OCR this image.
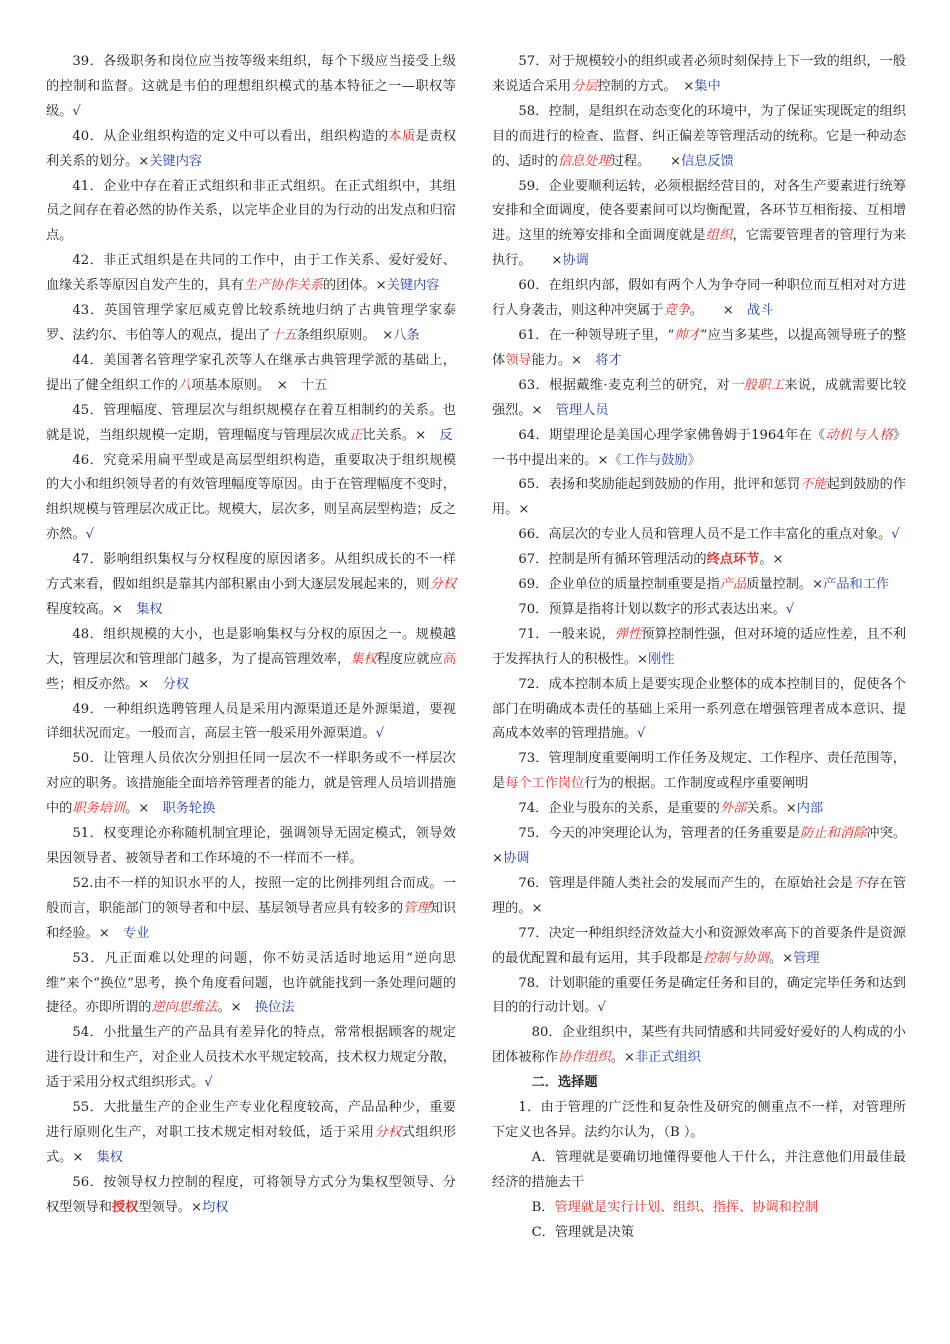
39．各级职务和岗位应当按等级来组织，每个下级应当接受上级的控制和监督。这就是韦伯的理想组织模式的基本特征之一—职权等级。√

40．从企业组织构造的定义中可以看出，组织构造的本质是责权利关系的划分。×关键内容

41．企业中存在着正式组织和非正式组织。在正式组织中，其组员之间存在着必然的协作关系，以完毕企业目的为行动的出发点和归宿点。

42．非正式组织是在共同的工作中，由于工作关系、爱好爱好、血缘关系等原因自发产生的，具有生产协作关系的团体。×关键内容

43．英国管理学家厄威克曾比较系统地归纳了古典管理学家泰罗、法约尔、韦伯等人的观点，提出了十五条组织原则。　×八条

44．美国著名管理学家孔茨等人在继承古典管理学派的基础上，提出了健全组织工作的八项基本原则。　×　十五

45．管理幅度、管理层次与组织规模存在着互相制约的关系。也就是说，当组织规模一定期，管理幅度与管理层次成正比关系。×　反

46．究竟采用扁平型或是高层型组织构造，重要取决于组织规模的大小和组织领导者的有效管理幅度等原因。由于在管理幅度不变时，组织规模与管理层次成正比。规模大，层次多，则呈高层型构造；反之亦然。√

47．影响组织集权与分权程度的原因诸多。从组织成长的不一样方式来看，假如组织是靠其内部积累由小到大逐层发展起来的，则分权程度较高。×　集权

48．组织规模的大小，也是影响集权与分权的原因之一。规模越大，管理层次和管理部门越多，为了提高管理效率，集权程度应就应高些；相反亦然。×　分权

49．一种组织选聘管理人员是采用内源渠道还是外源渠道，要视详细状况而定。一般而言，高层主管一般采用外源渠道。√

50．让管理人员依次分别担任同一层次不一样职务或不一样层次对应的职务。该措施能全面培养管理者的能力，就是管理人员培训措施中的职务培训。×　职务轮换

51．权变理论亦称随机制宜理论，强调领导无固定模式，领导效果因领导者、被领导者和工作环境的不一样而不一样。

52.由不一样的知识水平的人，按照一定的比例排列组合而成。一般而言，职能部门的领导者和中层、基层领导者应具有较多的管理知识和经验。×　专业

53．凡正面难以处理的问题，你不妨灵活适时地运用“逆向思维”来个“换位”思考，换个角度看问题，也许就能找到一条处理问题的捷径。亦即所谓的逆向思维法。×　换位法

54．小批量生产的产品具有差异化的特点，常常根据顾客的规定进行设计和生产，对企业人员技术水平规定较高，技术权力规定分散，适于采用分权式组织形式。√

55．大批量生产的企业生产专业化程度较高，产品品种少，重要进行原则化生产，对职工技术规定相对较低，适于采用分权式组织形式。×　集权

56．按领导权力控制的程度，可将领导方式分为集权型领导、分权型领导和授权型领导。×均权

57．对于规模较小的组织或者必须时刻保持上下一致的组织，一般来说适合采用分层控制的方式。　×集中

58．控制，是组织在动态变化的环境中，为了保证实现既定的组织目的而进行的检查、监督、纠正偏差等管理活动的统称。它是一种动态的、适时的信息处理过程。　　×信息反馈

59．企业要顺利运转，必须根据经营目的，对各生产要素进行统筹安排和全面调度，使各要素间可以均衡配置，各环节互相衔接、互相增进。这里的统筹安排和全面调度就是组织，它需要管理者的管理行为来执行。　　×协调

60．在组织内部，假如有两个人为争夺同一种职位而互相对对方进行人身袭击，则这种冲突属于竞争。　　×　战斗

61．在一种领导班子里，“帅才”应当多某些，以提高领导班子的整体领导能力。×　将才

63．根据戴维·麦克利兰的研究，对一般职工来说，成就需要比较强烈。×　管理人员

64．期望理论是美国心理学家佛鲁姆于1964年在《动机与人格》一书中提出来的。×《工作与鼓励》

65．表扬和奖励能起到鼓励的作用，批评和惩罚不能起到鼓励的作用。×

66．高层次的专业人员和管理人员不是工作丰富化的重点对象。√

67．控制是所有循环管理活动的终点环节。×

69．企业单位的质量控制重要是指产品质量控制。×产品和工作

70．预算是指将计划以数字的形式表达出来。√

71．一般来说，弹性预算控制性强，但对环境的适应性差，且不利于发挥执行人的积极性。×刚性

72．成本控制本质上是要实现企业整体的成本控制目的，促使各个部门在明确成本责任的基础上采用一系列意在增强管理者成本意识、提高成本效率的管理措施。√

73．管理制度重要阐明工作任务及规定、工作程序、责任范围等，是每个工作岗位行为的根据。工作制度或程序重要阐明

74．企业与股东的关系，是重要的外部关系。×内部

75．今天的冲突理论认为，管理者的任务重要是防止和消除冲突。×协调

76．管理是伴随人类社会的发展而产生的，在原始社会是不存在管理的。×

77．决定一种组织经济效益大小和资源效率高下的首要条件是资源的最优配置和最有运用，其手段都是控制与协调。×管理

78．计划职能的重要任务是确定任务和目的，确定完毕任务和达到目的的行动计划。√

80．企业组织中，某些有共同情感和共同爱好爱好的人构成的小团体被称作协作组织。×非正式组织

二．选择题

1．由于管理的广泛性和复杂性及研究的侧重点不一样，对管理所下定义也各异。法约尔认为，（B ）。

A．管理就是要确切地懂得要他人干什么，并注意他们用最佳最经济的措施去干

B．管理就是实行计划、组织、指挥、协调和控制

C．管理就是决策
